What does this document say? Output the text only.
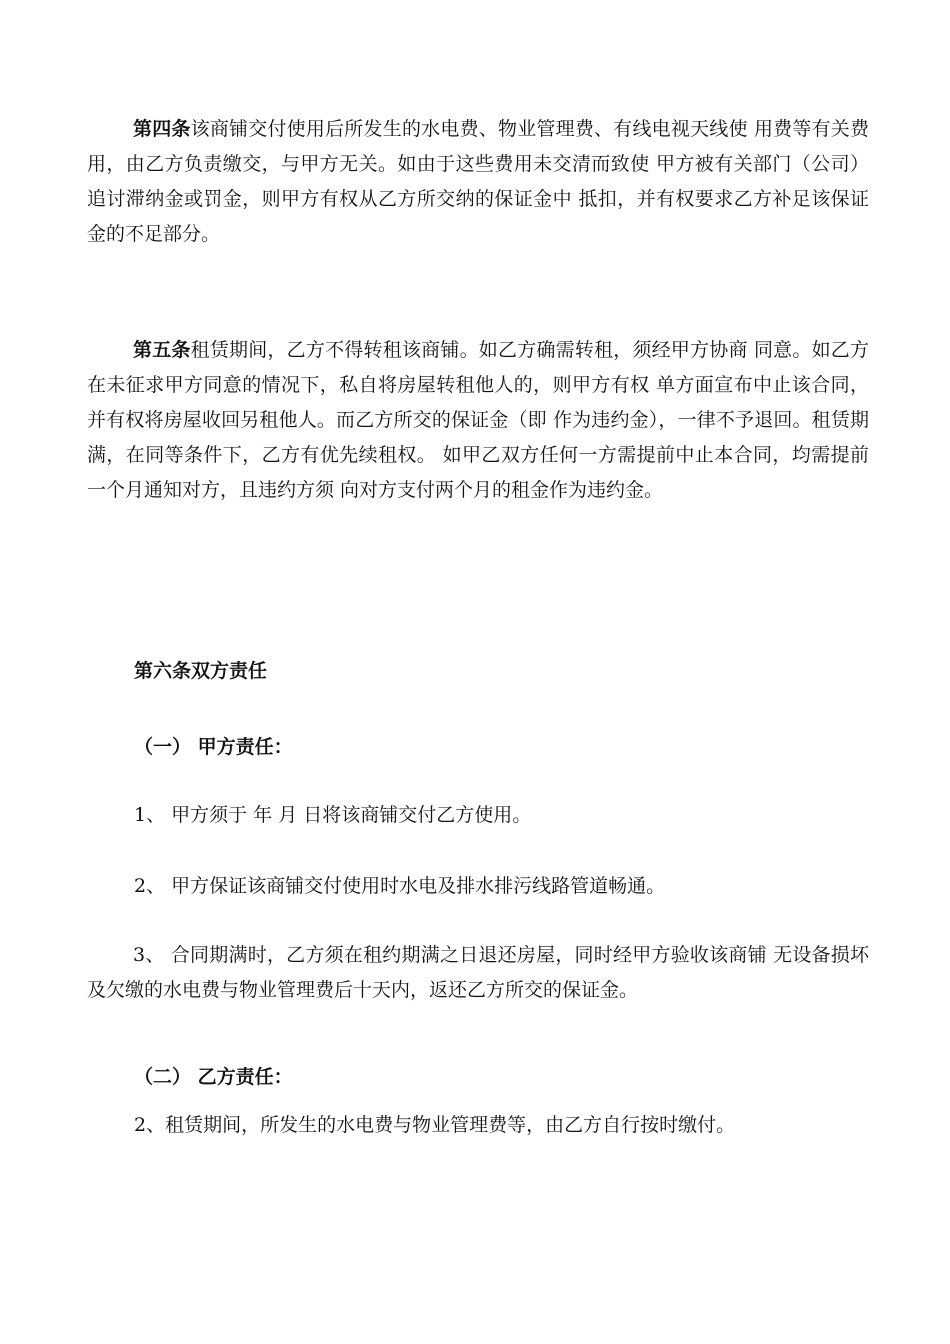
第四条该商铺交付使用后所发生的水电费、物业管理费、有线电视天线使 用费等有关费用，由乙方负责缴交，与甲方无关。如由于这些费用未交清而致使 甲方被有关部门（公司）追讨滞纳金或罚金，则甲方有权从乙方所交纳的保证金中 抵扣，并有权要求乙方补足该保证金的不足部分。

第五条租赁期间，乙方不得转租该商铺。如乙方确需转租，须经甲方协商 同意。如乙方在未征求甲方同意的情况下，私自将房屋转租他人的，则甲方有权 单方面宣布中止该合同，并有权将房屋收回另租他人。而乙方所交的保证金（即 作为违约金），一律不予退回。租赁期满，在同等条件下，乙方有优先续租权。 如甲乙双方任何一方需提前中止本合同，均需提前一个月通知对方，且违约方须 向对方支付两个月的租金作为违约金。

第六条双方责任
（一） 甲方责任：
1、 甲方须于 年 月 日将该商铺交付乙方使用。
2、 甲方保证该商铺交付使用时水电及排水排污线路管道畅通。

3、 合同期满时，乙方须在租约期满之日退还房屋，同时经甲方验收该商铺 无设备损坏及欠缴的水电费与物业管理费后十天内，返还乙方所交的保证金。

（二） 乙方责任：
2、租赁期间，所发生的水电费与物业管理费等，由乙方自行按时缴付。
